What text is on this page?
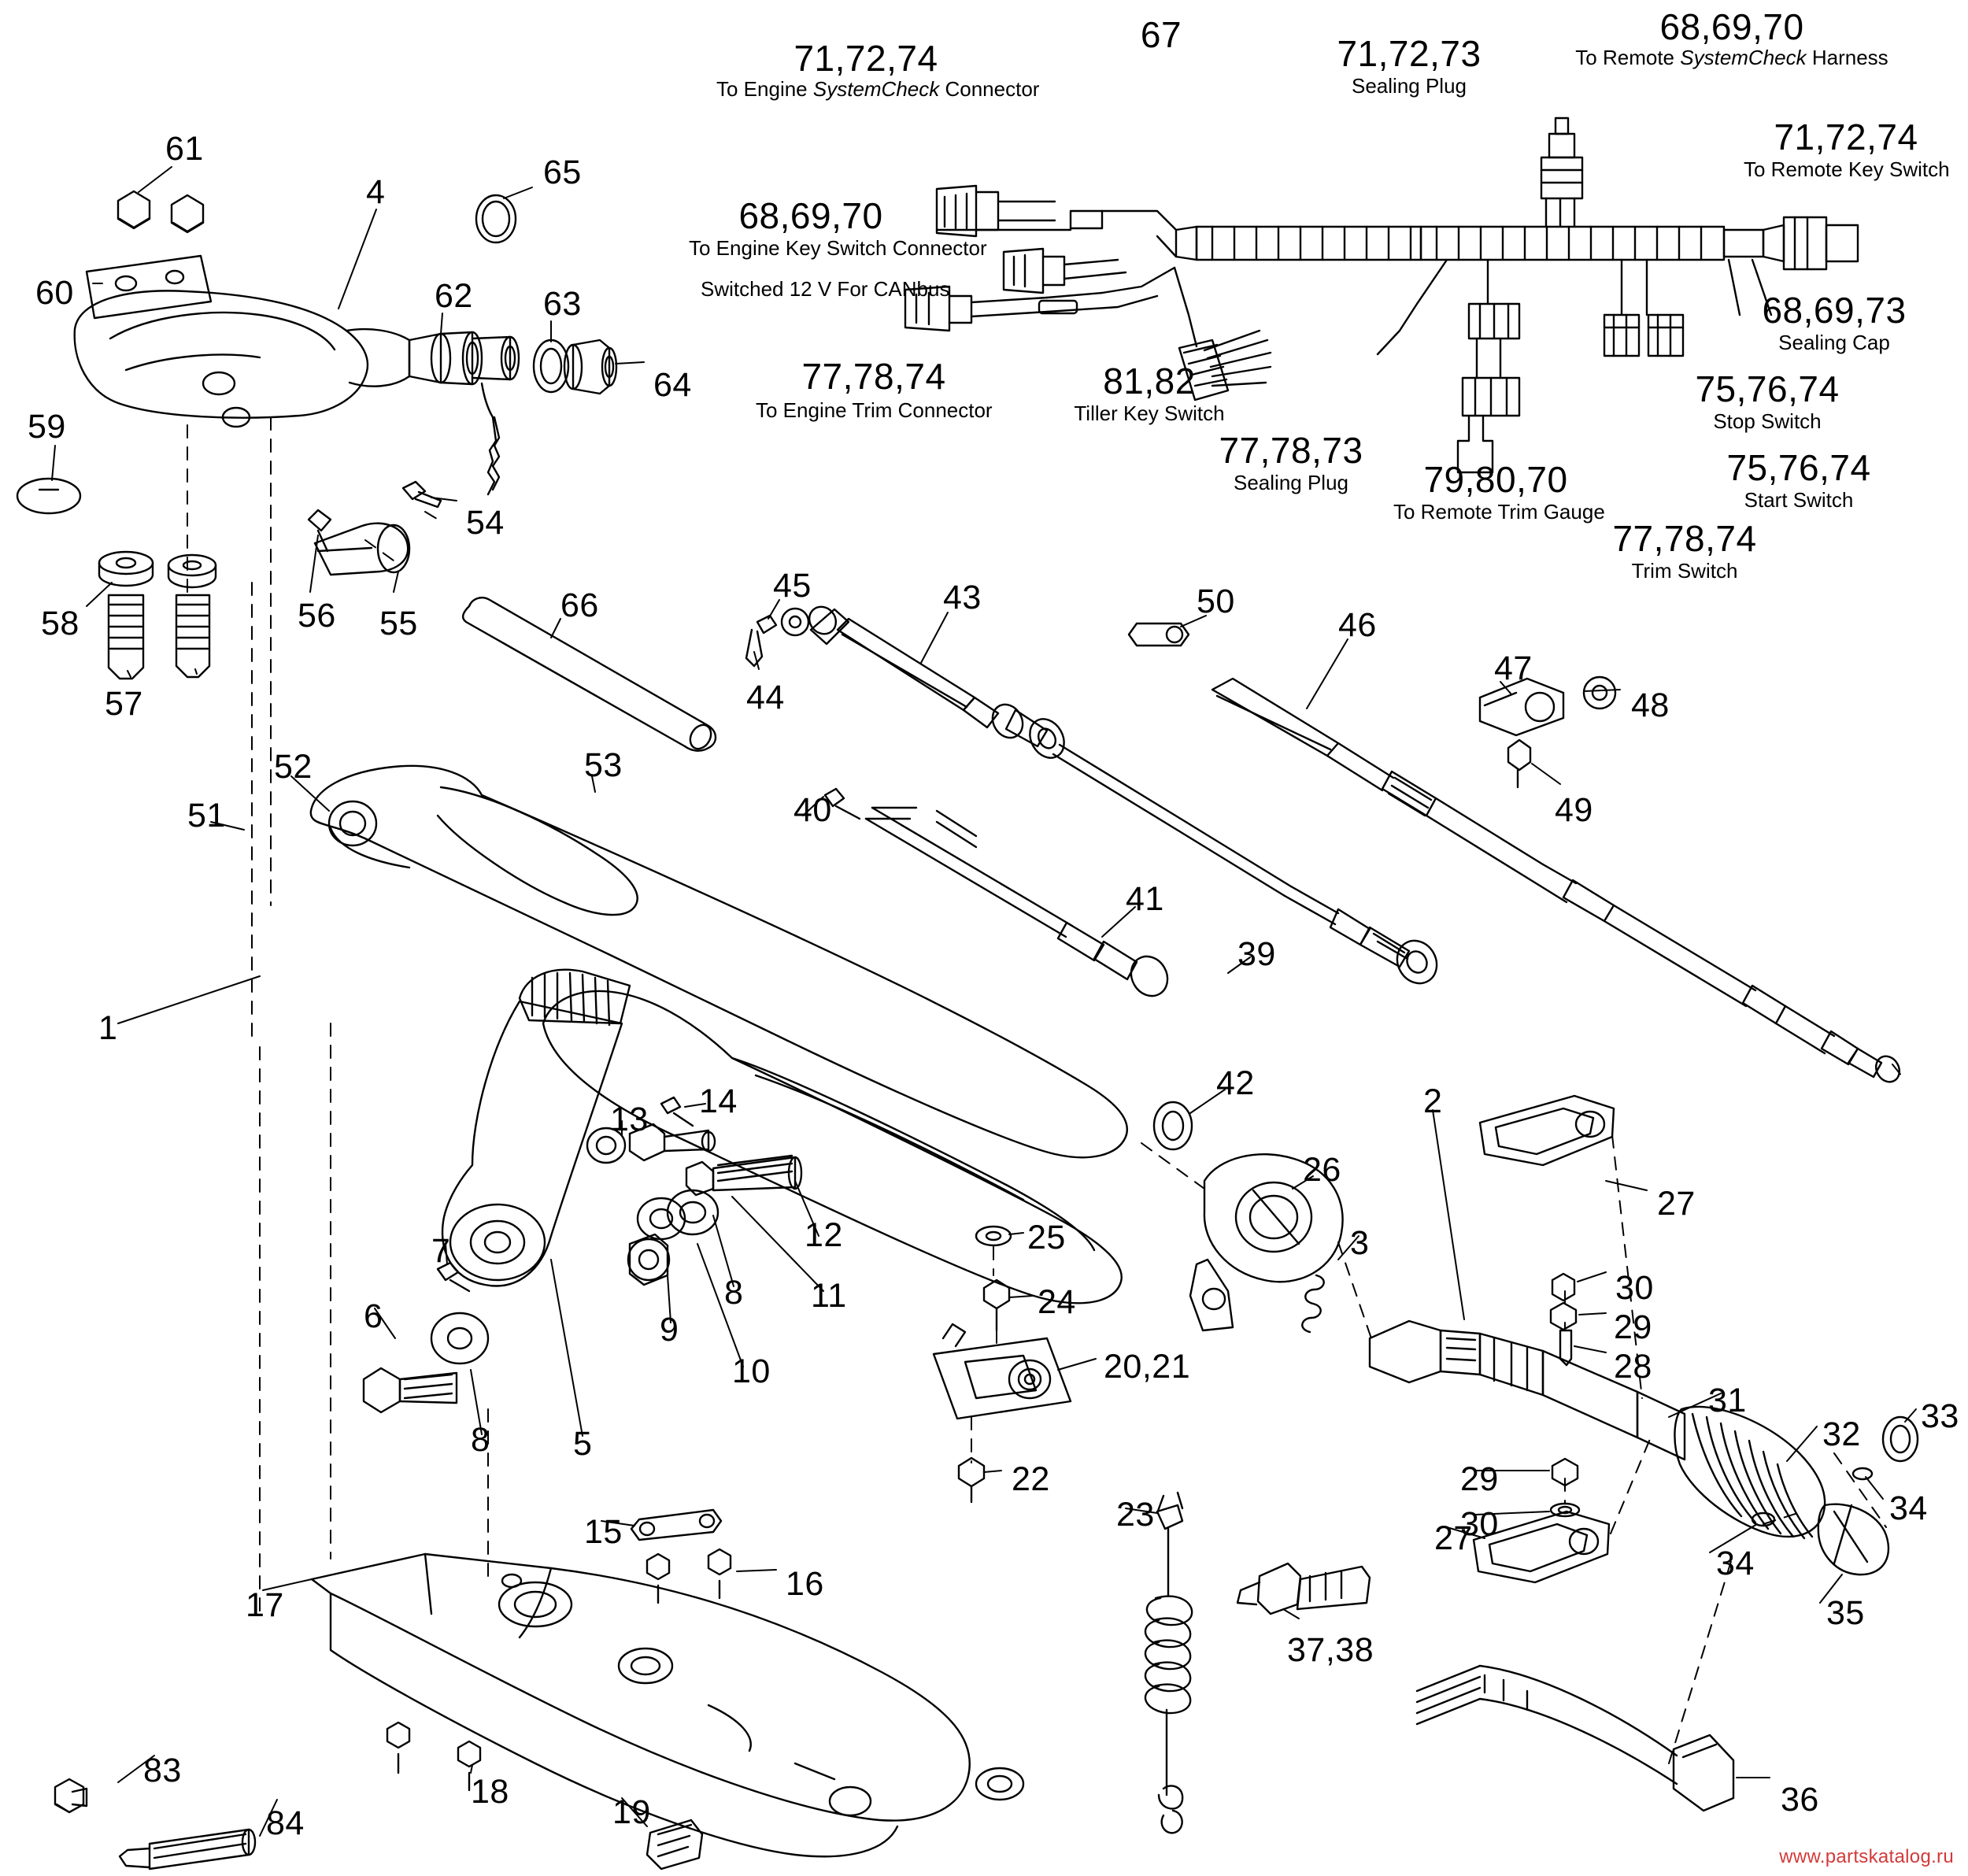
71,72,74
To Engine SystemCheck Connector
68,69,70
To Engine Key Switch Connector
Switched 12 V For CANbus
77,78,74
To Engine Trim Connector
67	71,72,73
Sealing Plug
68,69,70
To Remote SystemCheck Harness
71,72,74
To Remote Key Switch
68,69,73
Sealing Cap
75,76,74
Stop Switch
75,76,74
Start Switch
77,78,74
Trim Switch
79,80,70
To Remote Trim Gauge
77,78,73
Sealing Plug
81,82
Tiller Key Switch
61
4
65
60	62 63
64
59
54
58	56 55
57
66
45	43	50
46
47
48
44
49
40
52	53
51
41
39
1
42	2
26
13 14
27
12	25	3
7
30
8 11	24
29
6	9
28
10	20,21
31
8 5	32 33
29
22
30	34
15	23
27
16
34
35
17
37,38
83
18
19	36
84
www.partskatalog.ru
